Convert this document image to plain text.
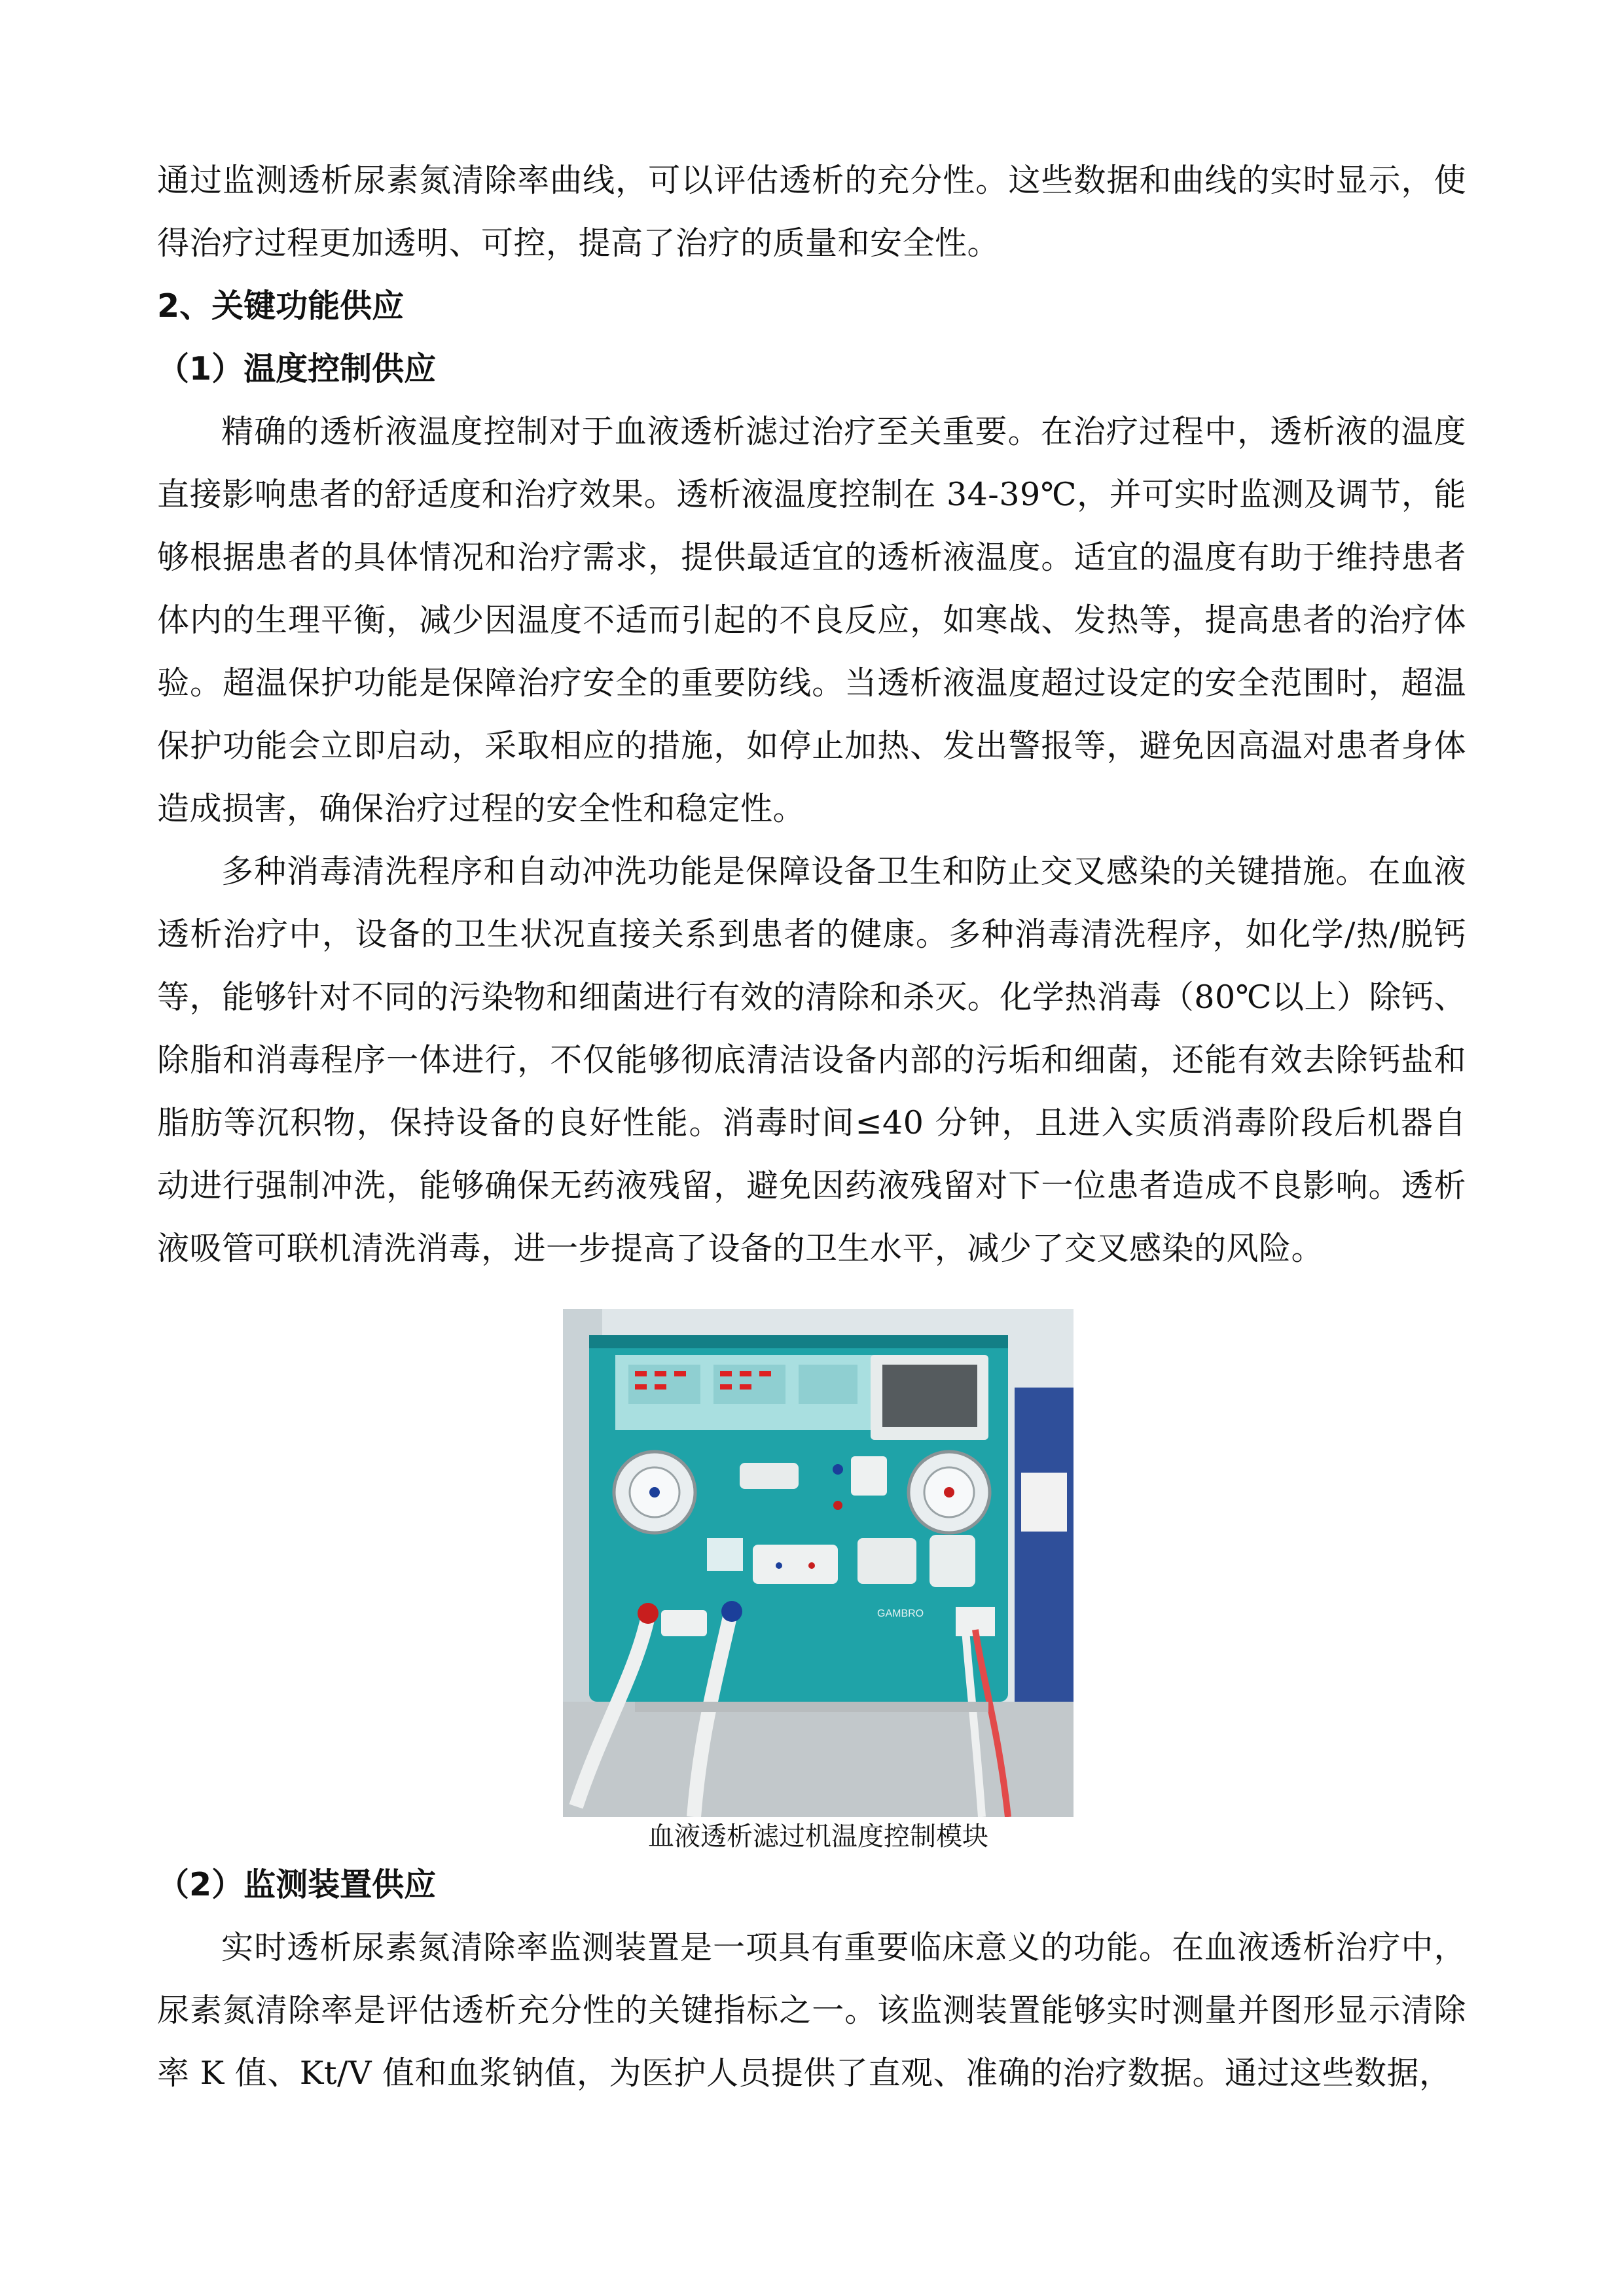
通过监测透析尿素氮清除率曲线，可以评估透析的充分性。这些数据和曲线的实时显示，使得治疗过程更加透明、可控，提高了治疗的质量和安全性。

2、关键功能供应
（1）温度控制供应

精确的透析液温度控制对于血液透析滤过治疗至关重要。在治疗过程中，透析液的温度直接影响患者的舒适度和治疗效果。透析液温度控制在 34-39℃，并可实时监测及调节，能够根据患者的具体情况和治疗需求，提供最适宜的透析液温度。适宜的温度有助于维持患者体内的生理平衡，减少因温度不适而引起的不良反应，如寒战、发热等，提高患者的治疗体验。超温保护功能是保障治疗安全的重要防线。当透析液温度超过设定的安全范围时，超温保护功能会立即启动，采取相应的措施，如停止加热、发出警报等，避免因高温对患者身体造成损害，确保治疗过程的安全性和稳定性。

多种消毒清洗程序和自动冲洗功能是保障设备卫生和防止交叉感染的关键措施。在血液透析治疗中，设备的卫生状况直接关系到患者的健康。多种消毒清洗程序，如化学/热/脱钙等，能够针对不同的污染物和细菌进行有效的清除和杀灭。化学热消毒（80℃以上）除钙、除脂和消毒程序一体进行，不仅能够彻底清洁设备内部的污垢和细菌，还能有效去除钙盐和脂肪等沉积物，保持设备的良好性能。消毒时间≤40 分钟，且进入实质消毒阶段后机器自动进行强制冲洗，能够确保无药液残留，避免因药液残留对下一位患者造成不良影响。透析液吸管可联机清洗消毒，进一步提高了设备的卫生水平，减少了交叉感染的风险。

GAMBRO

血液透析滤过机温度控制模块

（2）监测装置供应

实时透析尿素氮清除率监测装置是一项具有重要临床意义的功能。在血液透析治疗中，尿素氮清除率是评估透析充分性的关键指标之一。该监测装置能够实时测量并图形显示清除率 K 值、Kt/V 值和血浆钠值，为医护人员提供了直观、准确的治疗数据。通过这些数据，
